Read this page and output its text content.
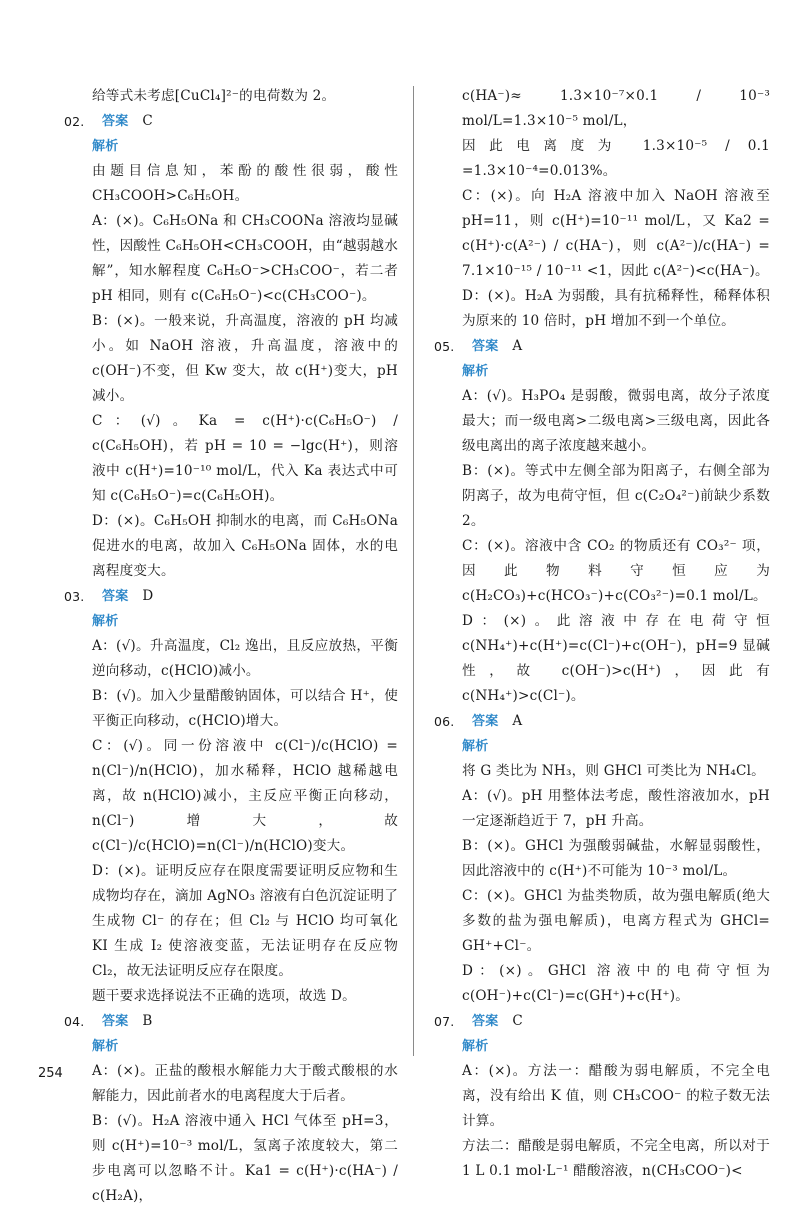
给等式未考虑[CuCl₄]²⁻的电荷数为 2。

02.	答案 C

解析

由题目信息知，苯酚的酸性很弱，酸性 CH₃COOH>C₆H₅OH。

A：(×)。C₆H₅ONa 和 CH₃COONa 溶液均显碱性，因酸性 C₆H₅OH<CH₃COOH，由“越弱越水解”，知水解程度 C₆H₅O⁻>CH₃COO⁻，若二者 pH 相同，则有 c(C₆H₅O⁻)<c(CH₃COO⁻)。

B：(×)。一般来说，升高温度，溶液的 pH 均减小。如 NaOH 溶液，升高温度，溶液中的 c(OH⁻)不变，但 Kw 变大，故 c(H⁺)变大，pH 减小。

C：(√)。Ka = c(H⁺)·c(C₆H₅O⁻) / c(C₆H₅OH)，若 pH = 10 = −lgc(H⁺)，则溶液中 c(H⁺)=10⁻¹⁰ mol/L，代入 Ka 表达式中可知 c(C₆H₅O⁻)=c(C₆H₅OH)。

D：(×)。C₆H₅OH 抑制水的电离，而 C₆H₅ONa 促进水的电离，故加入 C₆H₅ONa 固体，水的电离程度变大。

03.	答案 D

解析

A：(√)。升高温度，Cl₂ 逸出，且反应放热，平衡逆向移动，c(HClO)减小。

B：(√)。加入少量醋酸钠固体，可以结合 H⁺，使平衡正向移动，c(HClO)增大。

C：(√)。同一份溶液中 c(Cl⁻)/c(HClO) = n(Cl⁻)/n(HClO)，加水稀释，HClO 越稀越电离，故 n(HClO)减小，主反应平衡正向移动，n(Cl⁻)增大，故 c(Cl⁻)/c(HClO)=n(Cl⁻)/n(HClO)变大。

D：(×)。证明反应存在限度需要证明反应物和生成物均存在，滴加 AgNO₃ 溶液有白色沉淀证明了生成物 Cl⁻ 的存在；但 Cl₂ 与 HClO 均可氧化 KI 生成 I₂ 使溶液变蓝，无法证明存在反应物 Cl₂，故无法证明反应存在限度。

题干要求选择说法不正确的选项，故选 D。

04.	答案 B

解析

A：(×)。正盐的酸根水解能力大于酸式酸根的水解能力，因此前者水的电离程度大于后者。

B：(√)。H₂A 溶液中通入 HCl 气体至 pH=3，则 c(H⁺)=10⁻³ mol/L，氢离子浓度较大，第二步电离可以忽略不计。Ka1 = c(H⁺)·c(HA⁻) / c(H₂A)，

c(HA⁻)≈ 1.3×10⁻⁷×0.1 / 10⁻³ mol/L=1.3×10⁻⁵ mol/L，

因此电离度为 1.3×10⁻⁵ / 0.1 =1.3×10⁻⁴=0.013%。

C：(×)。向 H₂A 溶液中加入 NaOH 溶液至 pH=11，则 c(H⁺)=10⁻¹¹ mol/L，又 Ka2 = c(H⁺)·c(A²⁻) / c(HA⁻)，则 c(A²⁻)/c(HA⁻) = 7.1×10⁻¹⁵ / 10⁻¹¹ <1，因此 c(A²⁻)<c(HA⁻)。

D：(×)。H₂A 为弱酸，具有抗稀释性，稀释体积为原来的 10 倍时，pH 增加不到一个单位。

05.	答案 A

解析

A：(√)。H₃PO₄ 是弱酸，微弱电离，故分子浓度最大；而一级电离>二级电离>三级电离，因此各级电离出的离子浓度越来越小。

B：(×)。等式中左侧全部为阳离子，右侧全部为阴离子，故为电荷守恒，但 c(C₂O₄²⁻)前缺少系数 2。

C：(×)。溶液中含 CO₂ 的物质还有 CO₃²⁻ 项，因此物料守恒应为 c(H₂CO₃)+c(HCO₃⁻)+c(CO₃²⁻)=0.1 mol/L。

D：(×)。此溶液中存在电荷守恒 c(NH₄⁺)+c(H⁺)=c(Cl⁻)+c(OH⁻)，pH=9 显碱性，故 c(OH⁻)>c(H⁺)，因此有 c(NH₄⁺)>c(Cl⁻)。

06.	答案 A

解析

将 G 类比为 NH₃，则 GHCl 可类比为 NH₄Cl。

A：(√)。pH 用整体法考虑，酸性溶液加水，pH 一定逐渐趋近于 7，pH 升高。

B：(×)。GHCl 为强酸弱碱盐，水解显弱酸性，因此溶液中的 c(H⁺)不可能为 10⁻³ mol/L。

C：(×)。GHCl 为盐类物质，故为强电解质(绝大多数的盐为强电解质)，电离方程式为 GHCl= GH⁺+Cl⁻。

D：(×)。GHCl 溶液中的电荷守恒为 c(OH⁻)+c(Cl⁻)=c(GH⁺)+c(H⁺)。

07.	答案 C

解析

A：(×)。方法一：醋酸为弱电解质，不完全电离，没有给出 K 值，则 CH₃COO⁻ 的粒子数无法计算。

方法二：醋酸是弱电解质，不完全电离，所以对于 1 L 0.1 mol·L⁻¹ 醋酸溶液，n(CH₃COO⁻)<

254
